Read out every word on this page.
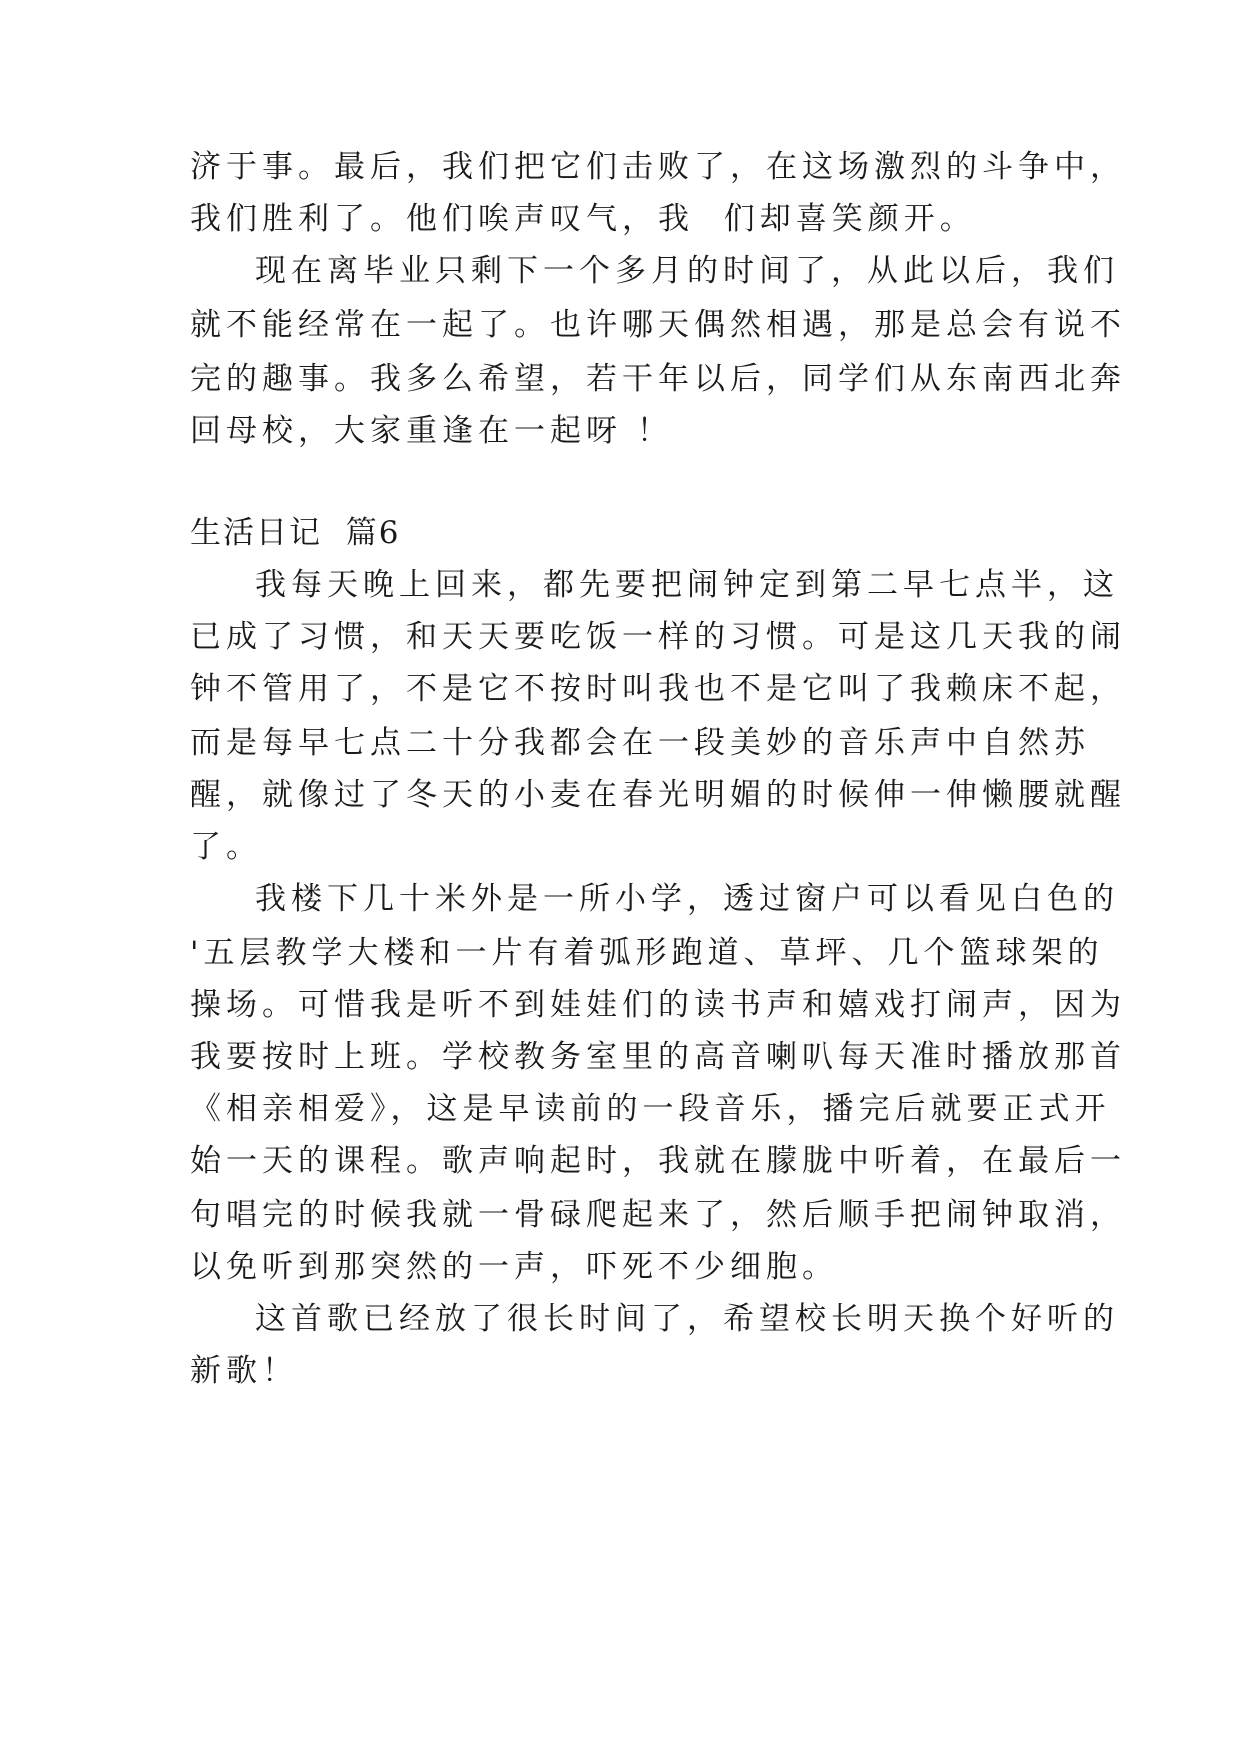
济于事。最后，我们把它们击败了，在这场激烈的斗争中，
我们胜利了。他们唉声叹气，我  们却喜笑颜开。
现在离毕业只剩下一个多月的时间了，从此以后，我们
就不能经常在一起了。也许哪天偶然相遇，那是总会有说不
完的趣事。我多么希望，若干年以后，同学们从东南西北奔
回母校，大家重逢在一起呀 ！
生活日记  篇6
我每天晚上回来，都先要把闹钟定到第二早七点半，这
已成了习惯，和天天要吃饭一样的习惯。可是这几天我的闹
钟不管用了，不是它不按时叫我也不是它叫了我赖床不起，
而是每早七点二十分我都会在一段美妙的音乐声中自然苏
醒，就像过了冬天的小麦在春光明媚的时候伸一伸懒腰就醒
了。
我楼下几十米外是一所小学，透过窗户可以看见白色的
'五层教学大楼和一片有着弧形跑道、草坪、几个篮球架的
操场。可惜我是听不到娃娃们的读书声和嬉戏打闹声，因为
我要按时上班。学校教务室里的高音喇叭每天准时播放那首
《相亲相爱》，这是早读前的一段音乐，播完后就要正式开
始一天的课程。歌声响起时，我就在朦胧中听着，在最后一
句唱完的时候我就一骨碌爬起来了，然后顺手把闹钟取消，
以免听到那突然的一声，吓死不少细胞。
这首歌已经放了很长时间了，希望校长明天换个好听的
新歌！
